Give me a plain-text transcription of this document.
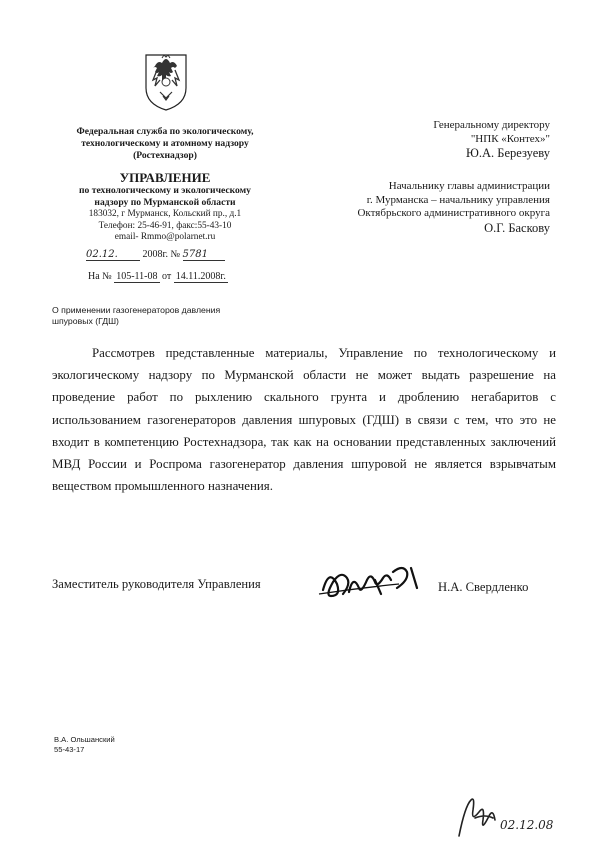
Федеральная служба по экологическому, технологическому и атомному надзору
(Ростехнадзор)
УПРАВЛЕНИЕ
по технологическому и экологическому
надзору по Мурманской области
183032, г Мурманск, Кольский пр., д.1
Телефон: 25-46-91, факс:55-43-10
email- Rmmo@polarnet.ru
02.12. 2008г. № 5781
На № 105-11-08 от 14.11.2008г.
О применении газогенераторов давления
шпуровых (ГДШ)
Генеральному директору
"НПК «Контех»"
Ю.А. Березуеву
Начальнику главы администрации
г. Мурманска – начальнику управления
Октябрьского административного округа
О.Г. Баскову

Рассмотрев представленные материалы, Управление по технологическому и экологическому надзору по Мурманской области не может выдать разрешение на проведение работ по рыхлению скального грунта и дроблению негабаритов с использованием газогенераторов давления шпуровых (ГДШ) в связи с тем, что это не входит в компетенцию Ростехнадзора, так как на основании представленных заключений МВД России и Роспрома газогенератор давления шпуровой не является взрывчатым веществом промышленного назначения.

Заместитель руководителя Управления	Н.А. Свердленко
В.А. Ольшанский
55-43-17
02.12.08
